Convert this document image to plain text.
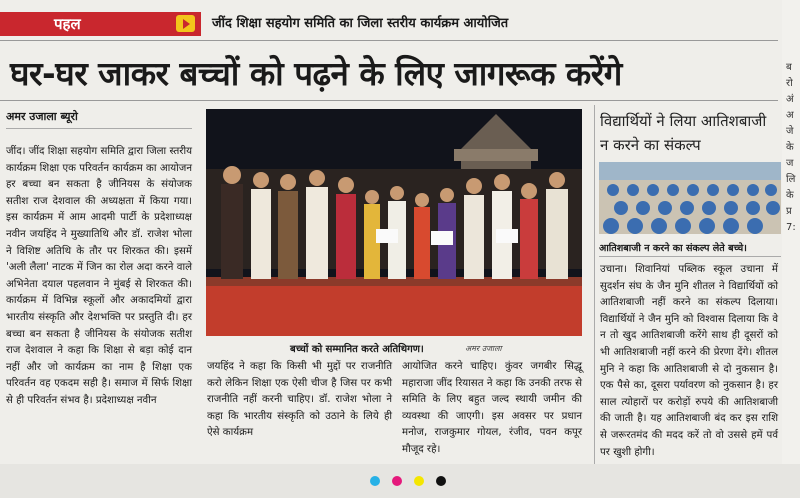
पहल	जींद शिक्षा सहयोग समिति का जिला स्तरीय कार्यक्रम आयोजित
घर-घर जाकर बच्चों को पढ़ने के लिए जागरूक करेंगे
अमर उजाला ब्यूरो
जींद। जींद शिक्षा सहयोग समिति द्वारा जिला स्तरीय कार्यक्रम शिक्षा एक परिवर्तन कार्यक्रम का आयोजन हर बच्चा बन सकता है जीनियस के संयोजक सतीश राज देशवाल की अध्यक्षता में किया गया। इस कार्यक्रम में आम आदमी पार्टी के प्रदेशाध्यक्ष नवीन जयहिंद ने मुख्यातिथि और डॉ. राजेश भोला ने विशिष्ट अतिथि के तौर पर शिरकत की। इसमें 'अली लैला' नाटक में जिन का रोल अदा करने वाले अभिनेता दयाल पहलवान ने मुंबई से शिरकत की। कार्यक्रम में विभिन्न स्कूलों और अकादमियों द्वारा भारतीय संस्कृति और देशभक्ति पर प्रस्तुति दी। हर बच्चा बन सकता है जीनियस के संयोजक सतीश राज देशवाल ने कहा कि शिक्षा से बड़ा कोई दान नहीं और जो कार्यक्रम का नाम है शिक्षा एक परिवर्तन वह एकदम सही है। समाज में सिर्फ शिक्षा से ही परिवर्तन संभव है। प्रदेशाध्यक्ष नवीन
बच्चों को सम्मानित करते अतिथिगण।	अमर उजाला
जयहिंद ने कहा कि किसी भी मुद्दों पर राजनीति करो लेकिन शिक्षा एक ऐसी चीज है जिस पर कभी राजनीति नहीं करनी चाहिए। डॉ. राजेश भोला ने कहा कि भारतीय संस्कृति को उठाने के लिये ही ऐसे कार्यक्रम
आयोजित करने चाहिए। कुंवर जगबीर सिद्धू महाराजा जींद रियासत ने कहा कि उनकी तरफ से समिति के लिए बहुत जल्द स्थायी जमीन की व्यवस्था की जाएगी। इस अवसर पर प्रधान मनोज, राजकुमार गोयल, रंजीव, पवन कपूर मौजूद रहे।
विद्यार्थियों ने लिया आतिशबाजी न करने का संकल्प
आतिशबाजी न करने का संकल्प लेते बच्चे।
उचाना। शिवानियां पब्लिक स्कूल उचाना में सुदर्शन संघ के जैन मुनि शीतल ने विद्यार्थियों को आतिशबाजी नहीं करने का संकल्प दिलाया। विद्यार्थियों ने जैन मुनि को विश्वास दिलाया कि वे न तो खुद आतिशबाजी करेंगे साथ ही दूसरों को भी आतिशबाजी नहीं करने की प्रेरणा देंगे। शीतल मुनि ने कहा कि आतिशबाजी से दो नुकसान है। एक पैसे का, दूसरा पर्यावरण को नुकसान है। हर साल त्योहारों पर करोड़ों रुपये की आतिशबाजी की जाती है। यह आतिशबाजी बंद कर इस राशि से जरूरतमंद की मदद करें तो वो उससे हमें पर्व पर खुशी होगी।
ब
रो
अं
अ
जे
के
ज
लि
के
प्र
7:
